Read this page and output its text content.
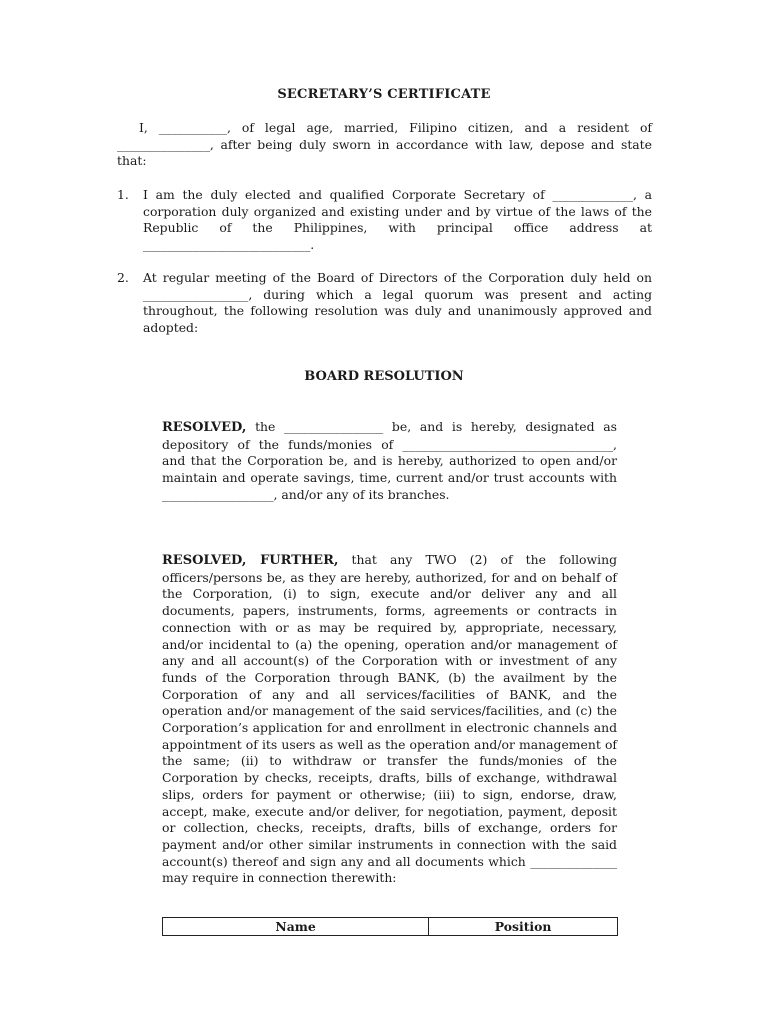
SECRETARY’S CERTIFICATE

I, ___________, of legal age, married, Filipino citizen, and a resident of _______________, after being duly sworn in accordance with law, depose and state that:

1. I am the duly elected and qualified Corporate Secretary of _____________, a corporation duly organized and existing under and by virtue of the laws of the Republic of the Philippines, with principal office address at ___________________________.

2. At regular meeting of the Board of Directors of the Corporation duly held on _________________, during which a legal quorum was present and acting throughout, the following resolution was duly and unanimously approved and adopted:

BOARD RESOLUTION

RESOLVED, the ________________ be, and is hereby, designated as depository of the funds/monies of __________________________________, and that the Corporation be, and is hereby, authorized to open and/or maintain and operate savings, time, current and/or trust accounts with __________________, and/or any of its branches.

RESOLVED, FURTHER, that any TWO (2) of the following officers/persons be, as they are hereby, authorized, for and on behalf of the Corporation, (i) to sign, execute and/or deliver any and all documents, papers, instruments, forms, agreements or contracts in connection with or as may be required by, appropriate, necessary, and/or incidental to (a) the opening, operation and/or management of any and all account(s) of the Corporation with or investment of any funds of the Corporation through BANK, (b) the availment by the Corporation of any and all services/facilities of BANK, and the operation and/or management of the said services/facilities, and (c) the Corporation’s application for and enrollment in electronic channels and appointment of its users as well as the operation and/or management of the same; (ii) to withdraw or transfer the funds/monies of the Corporation by checks, receipts, drafts, bills of exchange, withdrawal slips, orders for payment or otherwise; (iii) to sign, endorse, draw, accept, make, execute and/or deliver, for negotiation, payment, deposit or collection, checks, receipts, drafts, bills of exchange, orders for payment and/or other similar instruments in connection with the said account(s) thereof and sign any and all documents which ______________ may require in connection therewith:

Name	Position
